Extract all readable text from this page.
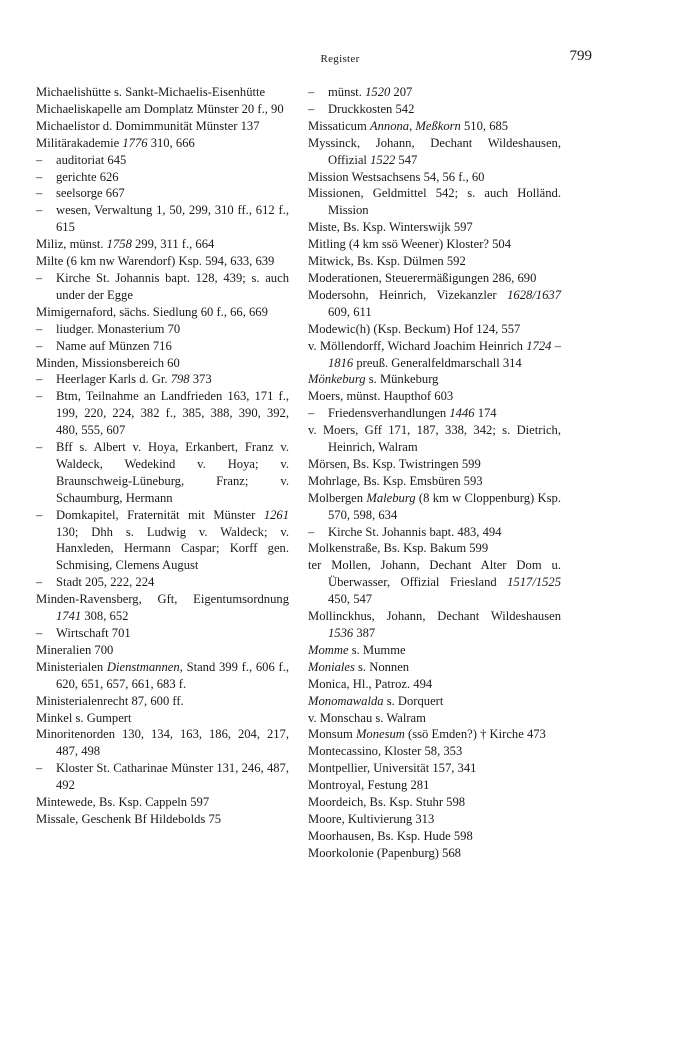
Register	799

Michaelishütte s. Sankt-Michaelis-Eisenhütte

Michaeliskapelle am Domplatz Münster 20 f., 90

Michaelistor d. Domimmunität Münster 137

Militärakademie 1776 310, 666

– auditoriat 645

– gerichte 626

– seelsorge 667

– wesen, Verwaltung 1, 50, 299, 310 ff., 612 f., 615

Miliz, münst. 1758 299, 311 f., 664

Milte (6 km nw Warendorf) Ksp. 594, 633, 639

– Kirche St. Johannis bapt. 128, 439; s. auch under der Egge

Mimigernaford, sächs. Siedlung 60 f., 66, 669

– liudger. Monasterium 70

– Name auf Münzen 716

Minden, Missionsbereich 60

– Heerlager Karls d. Gr. 798 373

– Btm, Teilnahme an Landfrieden 163, 171 f., 199, 220, 224, 382 f., 385, 388, 390, 392, 480, 555, 607

– Bff s. Albert v. Hoya, Erkanbert, Franz v. Waldeck, Wedekind v. Hoya; v. Braunschweig-Lüneburg, Franz; v. Schaumburg, Hermann

– Domkapitel, Fraternität mit Münster 1261 130; Dhh s. Ludwig v. Waldeck; v. Hanxleden, Hermann Caspar; Korff gen. Schmising, Clemens August

– Stadt 205, 222, 224

Minden-Ravensberg, Gft, Eigentumsordnung 1741 308, 652

– Wirtschaft 701

Mineralien 700

Ministerialen Dienstmannen, Stand 399 f., 606 f., 620, 651, 657, 661, 683 f.

Ministerialenrecht 87, 600 ff.

Minkel s. Gumpert

Minoritenorden 130, 134, 163, 186, 204, 217, 487, 498

– Kloster St. Catharinae Münster 131, 246, 487, 492

Mintewede, Bs. Ksp. Cappeln 597

Missale, Geschenk Bf Hildebolds 75

– münst. 1520 207

– Druckkosten 542

Missaticum Annona, Meßkorn 510, 685

Myssinck, Johann, Dechant Wildeshausen, Offizial 1522 547

Mission Westsachsens 54, 56 f., 60

Missionen, Geldmittel 542; s. auch Holländ. Mission

Miste, Bs. Ksp. Winterswijk 597

Mitling (4 km ssö Weener) Kloster? 504

Mitwick, Bs. Ksp. Dülmen 592

Moderationen, Steuerermäßigungen 286, 690

Modersohn, Heinrich, Vizekanzler 1628/1637 609, 611

Modewic(h) (Ksp. Beckum) Hof 124, 557

v. Möllendorff, Wichard Joachim Heinrich 1724 – 1816 preuß. Generalfeldmarschall 314

Mönkeburg s. Münkeburg

Moers, münst. Haupthof 603

– Friedensverhandlungen 1446 174

v. Moers, Gff 171, 187, 338, 342; s. Dietrich, Heinrich, Walram

Mörsen, Bs. Ksp. Twistringen 599

Mohrlage, Bs. Ksp. Emsbüren 593

Molbergen Maleburg (8 km w Cloppenburg) Ksp. 570, 598, 634

– Kirche St. Johannis bapt. 483, 494

Molkenstraße, Bs. Ksp. Bakum 599

ter Mollen, Johann, Dechant Alter Dom u. Überwasser, Offizial Friesland 1517/1525 450, 547

Mollinckhus, Johann, Dechant Wildeshausen 1536 387

Momme s. Mumme

Moniales s. Nonnen

Monica, Hl., Patroz. 494

Monomawalda s. Dorquert

v. Monschau s. Walram

Monsum Monesum (ssö Emden?) † Kirche 473

Montecassino, Kloster 58, 353

Montpellier, Universität 157, 341

Montroyal, Festung 281

Moordeich, Bs. Ksp. Stuhr 598

Moore, Kultivierung 313

Moorhausen, Bs. Ksp. Hude 598

Moorkolonie (Papenburg) 568
